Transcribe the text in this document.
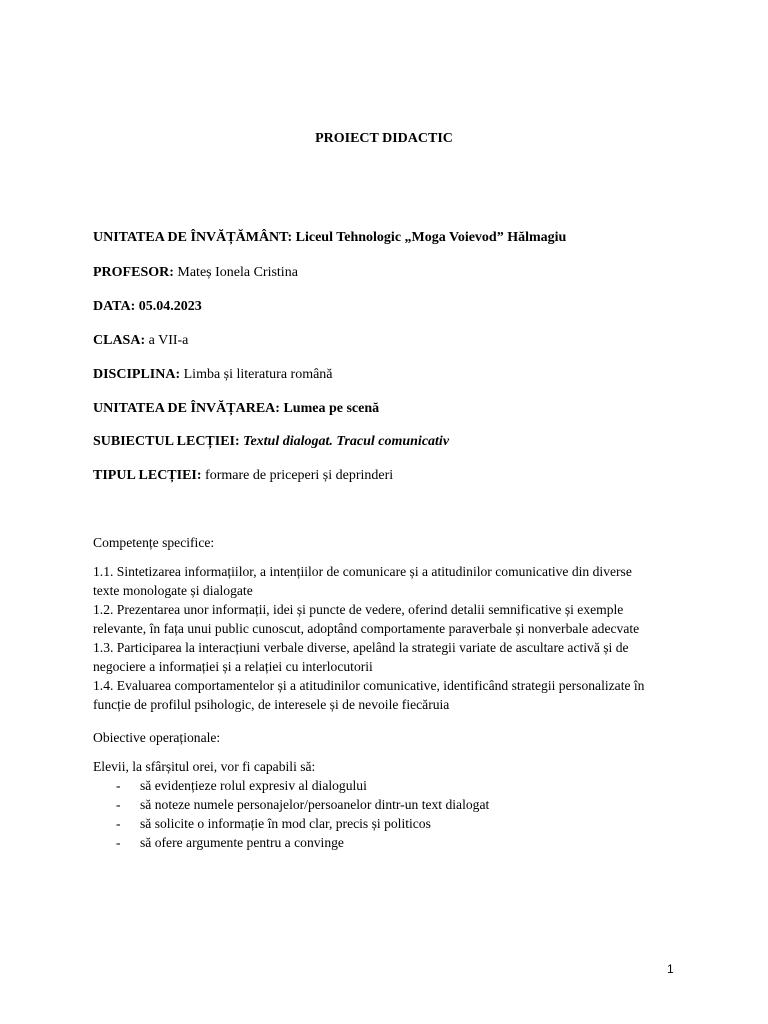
PROIECT DIDACTIC
UNITATEA DE ÎNVĂȚĂMÂNT: Liceul Tehnologic „Moga Voievod” Hălmagiu
PROFESOR: Mateș Ionela Cristina
DATA: 05.04.2023
CLASA: a VII-a
DISCIPLINA: Limba și literatura română
UNITATEA DE ÎNVĂȚAREA: Lumea pe scenă
SUBIECTUL LECȚIEI: Textul dialogat. Tracul comunicativ
TIPUL LECȚIEI: formare de priceperi și deprinderi
Competențe specifice:
1.1. Sintetizarea informațiilor, a intențiilor de comunicare și a atitudinilor comunicative din diverse
texte monologate și dialogate
1.2. Prezentarea unor informații, idei și puncte de vedere, oferind detalii semnificative și exemple
relevante, în fața unui public cunoscut, adoptând comportamente paraverbale și nonverbale adecvate
1.3. Participarea la interacțiuni verbale diverse, apelând la strategii variate de ascultare activă și de
negociere a informației și a relației cu interlocutorii
1.4. Evaluarea comportamentelor și a atitudinilor comunicative, identificând strategii personalizate în
funcție de profilul psihologic, de interesele și de nevoile fiecăruia
Obiective operaționale:
Elevii, la sfârșitul orei, vor fi capabili să:
- să evidențieze rolul expresiv al dialogului
- să noteze numele personajelor/persoanelor dintr-un text dialogat
- să solicite o informație în mod clar, precis și politicos
- să ofere argumente pentru a convinge
1
